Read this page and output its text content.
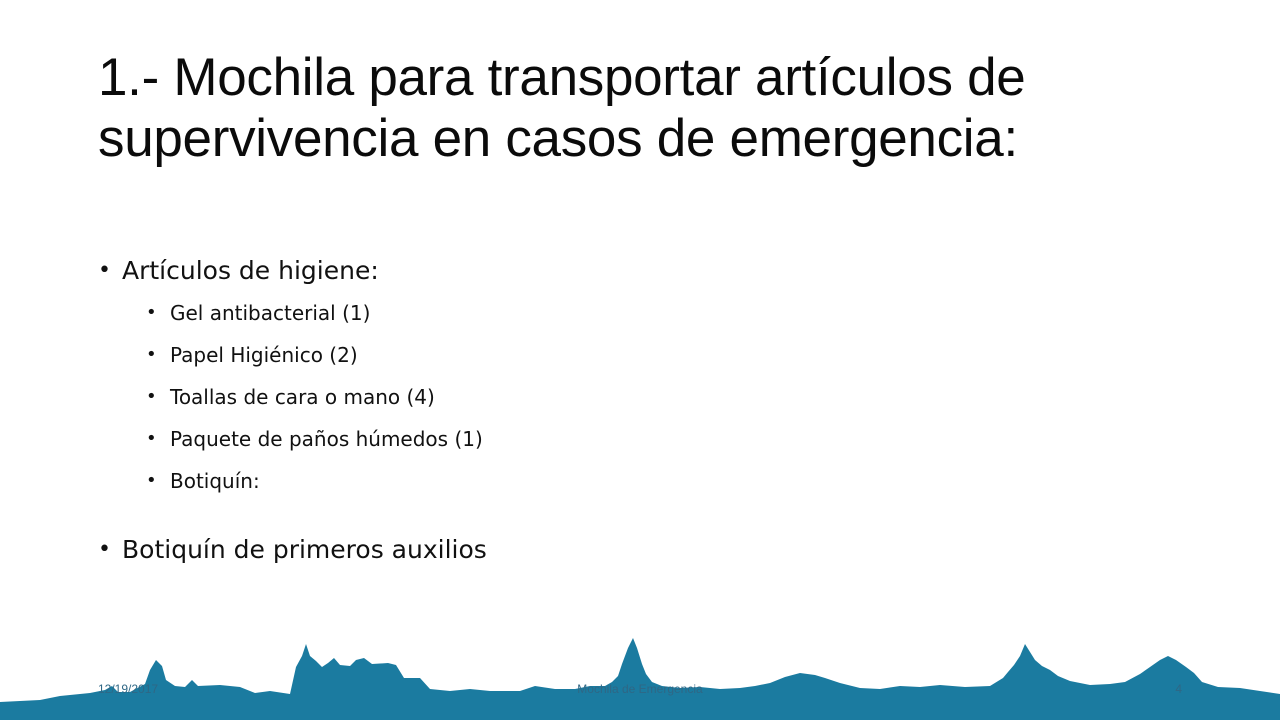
1.- Mochila para transportar artículos de supervivencia en casos de emergencia:
• Artículos de higiene:
• Gel antibacterial (1)
• Papel Higiénico (2)
• Toallas de cara o mano (4)
• Paquete de paños húmedos (1)
• Botiquín:
• Botiquín de primeros auxilios
12/19/2017	Mochila de Emergencia	4
